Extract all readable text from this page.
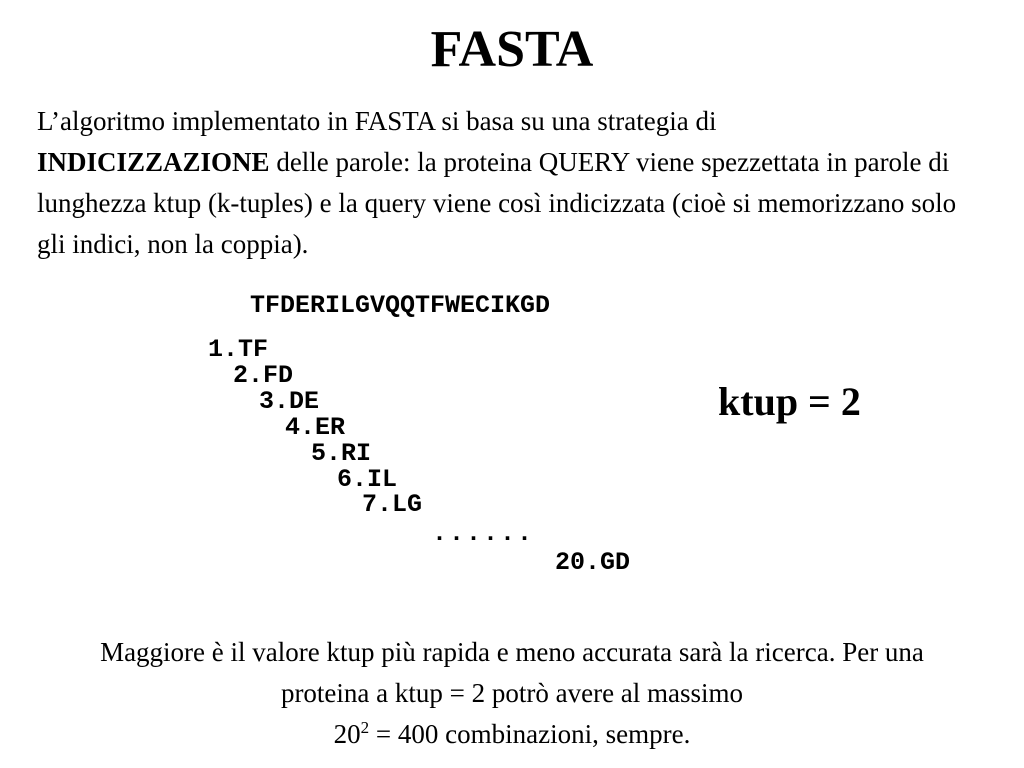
FASTA

L’algoritmo implementato in FASTA si basa su una strategia di
INDICIZZAZIONE delle parole: la proteina QUERY viene spezzettata in parole di lunghezza ktup (k-tuples) e la query viene così indicizzata (cioè si memorizzano solo gli indici, non la coppia).

TFDERILGVQQTFWECIKGD
1.TF
2.FD
3.DE
4.ER
5.RI
6.IL
7.LG
......
20.GD
ktup = 2

Maggiore è il valore ktup più rapida e meno accurata sarà la ricerca. Per una proteina a ktup = 2 potrò avere al massimo
$20^2 = 400$ combinazioni, sempre.
